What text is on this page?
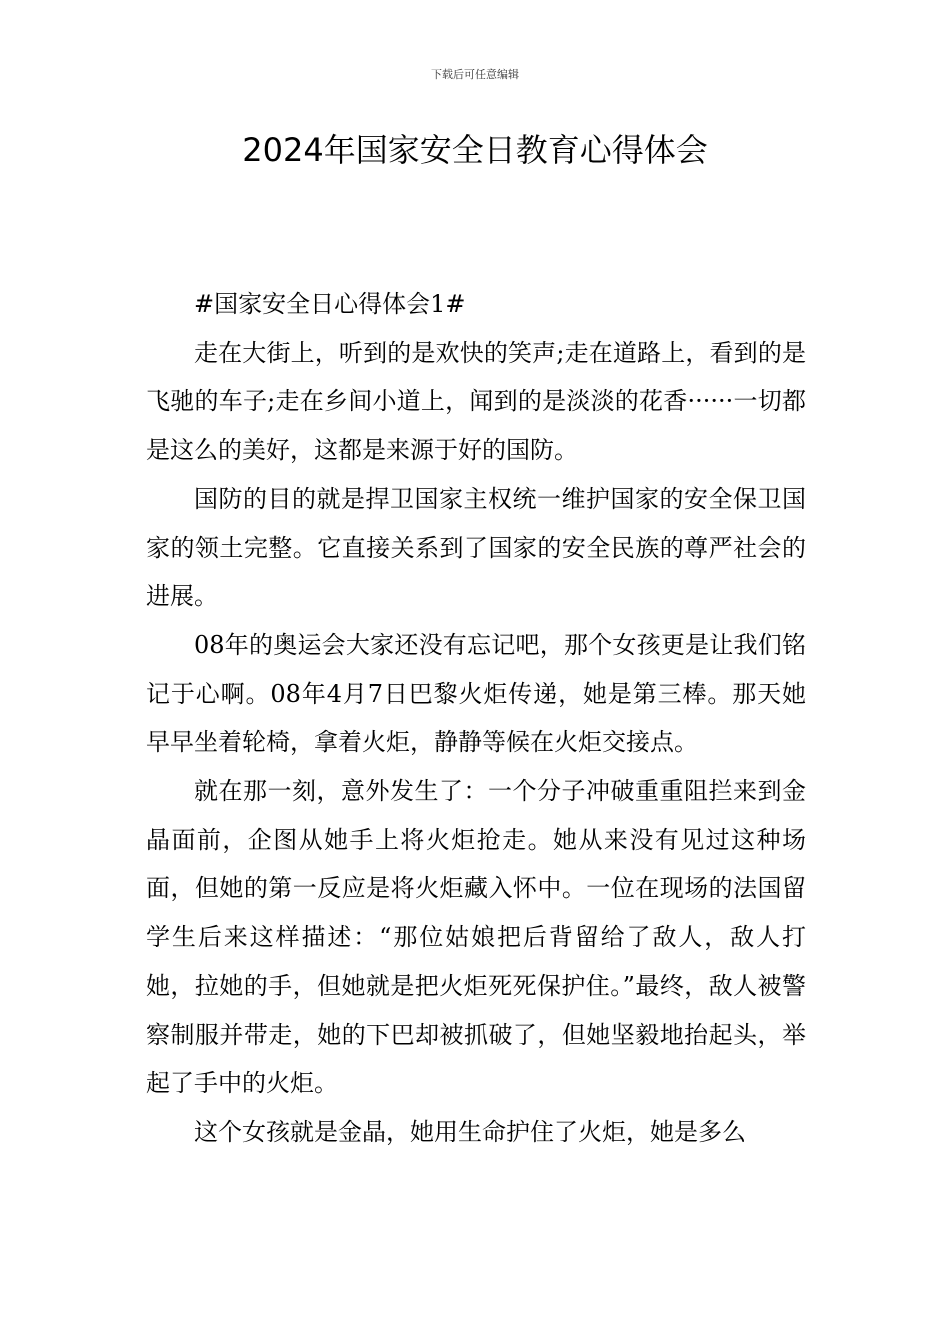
下载后可任意编辑
2024年国家安全日教育心得体会

#国家安全日心得体会1#

走在大街上，听到的是欢快的笑声;走在道路上，看到的是飞驰的车子;走在乡间小道上，闻到的是淡淡的花香······一切都是这么的美好，这都是来源于好的国防。

国防的目的就是捍卫国家主权统一维护国家的安全保卫国家的领土完整。它直接关系到了国家的安全民族的尊严社会的进展。

08年的奥运会大家还没有忘记吧，那个女孩更是让我们铭记于心啊。08年4月7日巴黎火炬传递，她是第三棒。那天她早早坐着轮椅，拿着火炬，静静等候在火炬交接点。

就在那一刻，意外发生了：一个分子冲破重重阻拦来到金晶面前，企图从她手上将火炬抢走。她从来没有见过这种场面，但她的第一反应是将火炬藏入怀中。一位在现场的法国留学生后来这样描述：“那位姑娘把后背留给了敌人，敌人打她，拉她的手，但她就是把火炬死死保护住。”最终，敌人被警察制服并带走，她的下巴却被抓破了，但她坚毅地抬起头，举起了手中的火炬。

这个女孩就是金晶，她用生命护住了火炬，她是多么
